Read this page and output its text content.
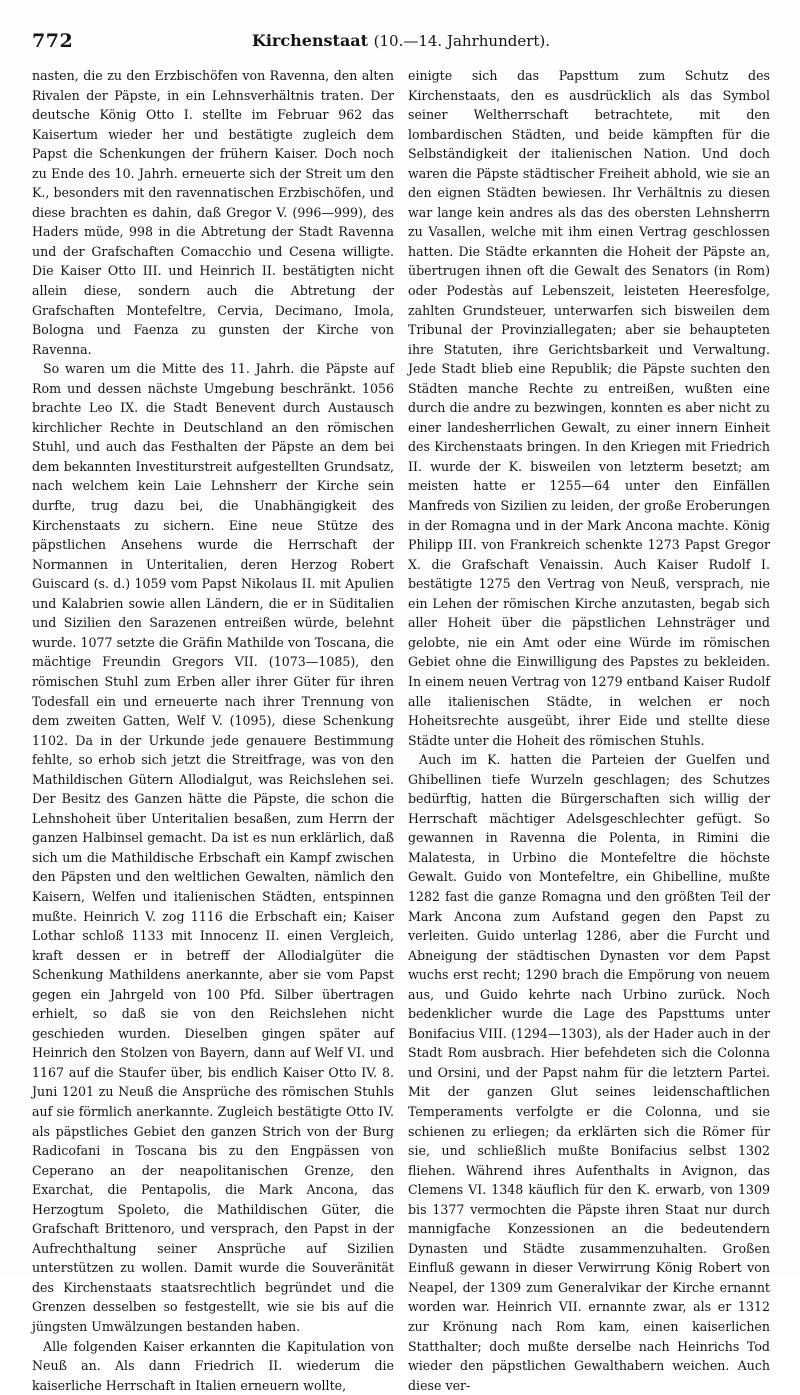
772	Kirchenstaat (10.—14. Jahrhundert).

nasten, die zu den Erzbischöfen von Ravenna, den alten Rivalen der Päpste, in ein Lehnsverhältnis traten. Der deutsche König Otto I. stellte im Februar 962 das Kaisertum wieder her und bestätigte zugleich dem Papst die Schenkungen der frühern Kaiser. Doch noch zu Ende des 10. Jahrh. erneuerte sich der Streit um den K., besonders mit den ravennatischen Erzbischöfen, und diese brachten es dahin, daß Gregor V. (996—999), des Haders müde, 998 in die Abtretung der Stadt Ravenna und der Grafschaften Comacchio und Cesena willigte. Die Kaiser Otto III. und Heinrich II. bestätigten nicht allein diese, sondern auch die Abtretung der Grafschaften Montefeltre, Cervia, Decimano, Imola, Bologna und Faenza zu gunsten der Kirche von Ravenna.

So waren um die Mitte des 11. Jahrh. die Päpste auf Rom und dessen nächste Umgebung beschränkt. 1056 brachte Leo IX. die Stadt Benevent durch Austausch kirchlicher Rechte in Deutschland an den römischen Stuhl, und auch das Festhalten der Päpste an dem bei dem bekannten Investiturstreit aufgestellten Grundsatz, nach welchem kein Laie Lehnsherr der Kirche sein durfte, trug dazu bei, die Unabhängigkeit des Kirchenstaats zu sichern. Eine neue Stütze des päpstlichen Ansehens wurde die Herrschaft der Normannen in Unteritalien, deren Herzog Robert Guiscard (s. d.) 1059 vom Papst Nikolaus II. mit Apulien und Kalabrien sowie allen Ländern, die er in Süditalien und Sizilien den Sarazenen entreißen würde, belehnt wurde. 1077 setzte die Gräfin Mathilde von Toscana, die mächtige Freundin Gregors VII. (1073—1085), den römischen Stuhl zum Erben aller ihrer Güter für ihren Todesfall ein und erneuerte nach ihrer Trennung von dem zweiten Gatten, Welf V. (1095), diese Schenkung 1102. Da in der Urkunde jede genauere Bestimmung fehlte, so erhob sich jetzt die Streitfrage, was von den Mathildischen Gütern Allodialgut, was Reichslehen sei. Der Besitz des Ganzen hätte die Päpste, die schon die Lehnshoheit über Unteritalien besaßen, zum Herrn der ganzen Halbinsel gemacht. Da ist es nun erklärlich, daß sich um die Mathildische Erbschaft ein Kampf zwischen den Päpsten und den weltlichen Gewalten, nämlich den Kaisern, Welfen und italienischen Städten, entspinnen mußte. Heinrich V. zog 1116 die Erbschaft ein; Kaiser Lothar schloß 1133 mit Innocenz II. einen Vergleich, kraft dessen er in betreff der Allodialgüter die Schenkung Mathildens anerkannte, aber sie vom Papst gegen ein Jahrgeld von 100 Pfd. Silber übertragen erhielt, so daß sie von den Reichslehen nicht geschieden wurden. Dieselben gingen später auf Heinrich den Stolzen von Bayern, dann auf Welf VI. und 1167 auf die Staufer über, bis endlich Kaiser Otto IV. 8. Juni 1201 zu Neuß die Ansprüche des römischen Stuhls auf sie förmlich anerkannte. Zugleich bestätigte Otto IV. als päpstliches Gebiet den ganzen Strich von der Burg Radicofani in Toscana bis zu den Engpässen von Ceperano an der neapolitanischen Grenze, den Exarchat, die Pentapolis, die Mark Ancona, das Herzogtum Spoleto, die Mathildischen Güter, die Grafschaft Brittenoro, und versprach, den Papst in der Aufrechthaltung seiner Ansprüche auf Sizilien unterstützen zu wollen. Damit wurde die Souveränität des Kirchenstaats staatsrechtlich begründet und die Grenzen desselben so festgestellt, wie sie bis auf die jüngsten Umwälzungen bestanden haben.

Alle folgenden Kaiser erkannten die Kapitulation von Neuß an. Als dann Friedrich II. wiederum die kaiserliche Herrschaft in Italien erneuern wollte,

einigte sich das Papsttum zum Schutz des Kirchenstaats, den es ausdrücklich als das Symbol seiner Weltherrschaft betrachtete, mit den lombardischen Städten, und beide kämpften für die Selbständigkeit der italienischen Nation. Und doch waren die Päpste städtischer Freiheit abhold, wie sie an den eignen Städten bewiesen. Ihr Verhältnis zu diesen war lange kein andres als das des obersten Lehnsherrn zu Vasallen, welche mit ihm einen Vertrag geschlossen hatten. Die Städte erkannten die Hoheit der Päpste an, übertrugen ihnen oft die Gewalt des Senators (in Rom) oder Podestàs auf Lebenszeit, leisteten Heeresfolge, zahlten Grundsteuer, unterwarfen sich bisweilen dem Tribunal der Provinziallegaten; aber sie behaupteten ihre Statuten, ihre Gerichtsbarkeit und Verwaltung. Jede Stadt blieb eine Republik; die Päpste suchten den Städten manche Rechte zu entreißen, wußten eine durch die andre zu bezwingen, konnten es aber nicht zu einer landesherrlichen Gewalt, zu einer innern Einheit des Kirchenstaats bringen. In den Kriegen mit Friedrich II. wurde der K. bisweilen von letzterm besetzt; am meisten hatte er 1255—64 unter den Einfällen Manfreds von Sizilien zu leiden, der große Eroberungen in der Romagna und in der Mark Ancona machte. König Philipp III. von Frankreich schenkte 1273 Papst Gregor X. die Grafschaft Venaissin. Auch Kaiser Rudolf I. bestätigte 1275 den Vertrag von Neuß, versprach, nie ein Lehen der römischen Kirche anzutasten, begab sich aller Hoheit über die päpstlichen Lehnsträger und gelobte, nie ein Amt oder eine Würde im römischen Gebiet ohne die Einwilligung des Papstes zu bekleiden. In einem neuen Vertrag von 1279 entband Kaiser Rudolf alle italienischen Städte, in welchen er noch Hoheitsrechte ausgeübt, ihrer Eide und stellte diese Städte unter die Hoheit des römischen Stuhls.

Auch im K. hatten die Parteien der Guelfen und Ghibellinen tiefe Wurzeln geschlagen; des Schutzes bedürftig, hatten die Bürgerschaften sich willig der Herrschaft mächtiger Adelsgeschlechter gefügt. So gewannen in Ravenna die Polenta, in Rimini die Malatesta, in Urbino die Montefeltre die höchste Gewalt. Guido von Montefeltre, ein Ghibelline, mußte 1282 fast die ganze Romagna und den größten Teil der Mark Ancona zum Aufstand gegen den Papst zu verleiten. Guido unterlag 1286, aber die Furcht und Abneigung der städtischen Dynasten vor dem Papst wuchs erst recht; 1290 brach die Empörung von neuem aus, und Guido kehrte nach Urbino zurück. Noch bedenklicher wurde die Lage des Papsttums unter Bonifacius VIII. (1294—1303), als der Hader auch in der Stadt Rom ausbrach. Hier befehdeten sich die Colonna und Orsini, und der Papst nahm für die letztern Partei. Mit der ganzen Glut seines leidenschaftlichen Temperaments verfolgte er die Colonna, und sie schienen zu erliegen; da erklärten sich die Römer für sie, und schließlich mußte Bonifacius selbst 1302 fliehen. Während ihres Aufenthalts in Avignon, das Clemens VI. 1348 käuflich für den K. erwarb, von 1309 bis 1377 vermochten die Päpste ihren Staat nur durch mannigfache Konzessionen an die bedeutendern Dynasten und Städte zusammenzuhalten. Großen Einfluß gewann in dieser Verwirrung König Robert von Neapel, der 1309 zum Generalvikar der Kirche ernannt worden war. Heinrich VII. ernannte zwar, als er 1312 zur Krönung nach Rom kam, einen kaiserlichen Statthalter; doch mußte derselbe nach Heinrichs Tod wieder den päpstlichen Gewalthabern weichen. Auch diese ver-
